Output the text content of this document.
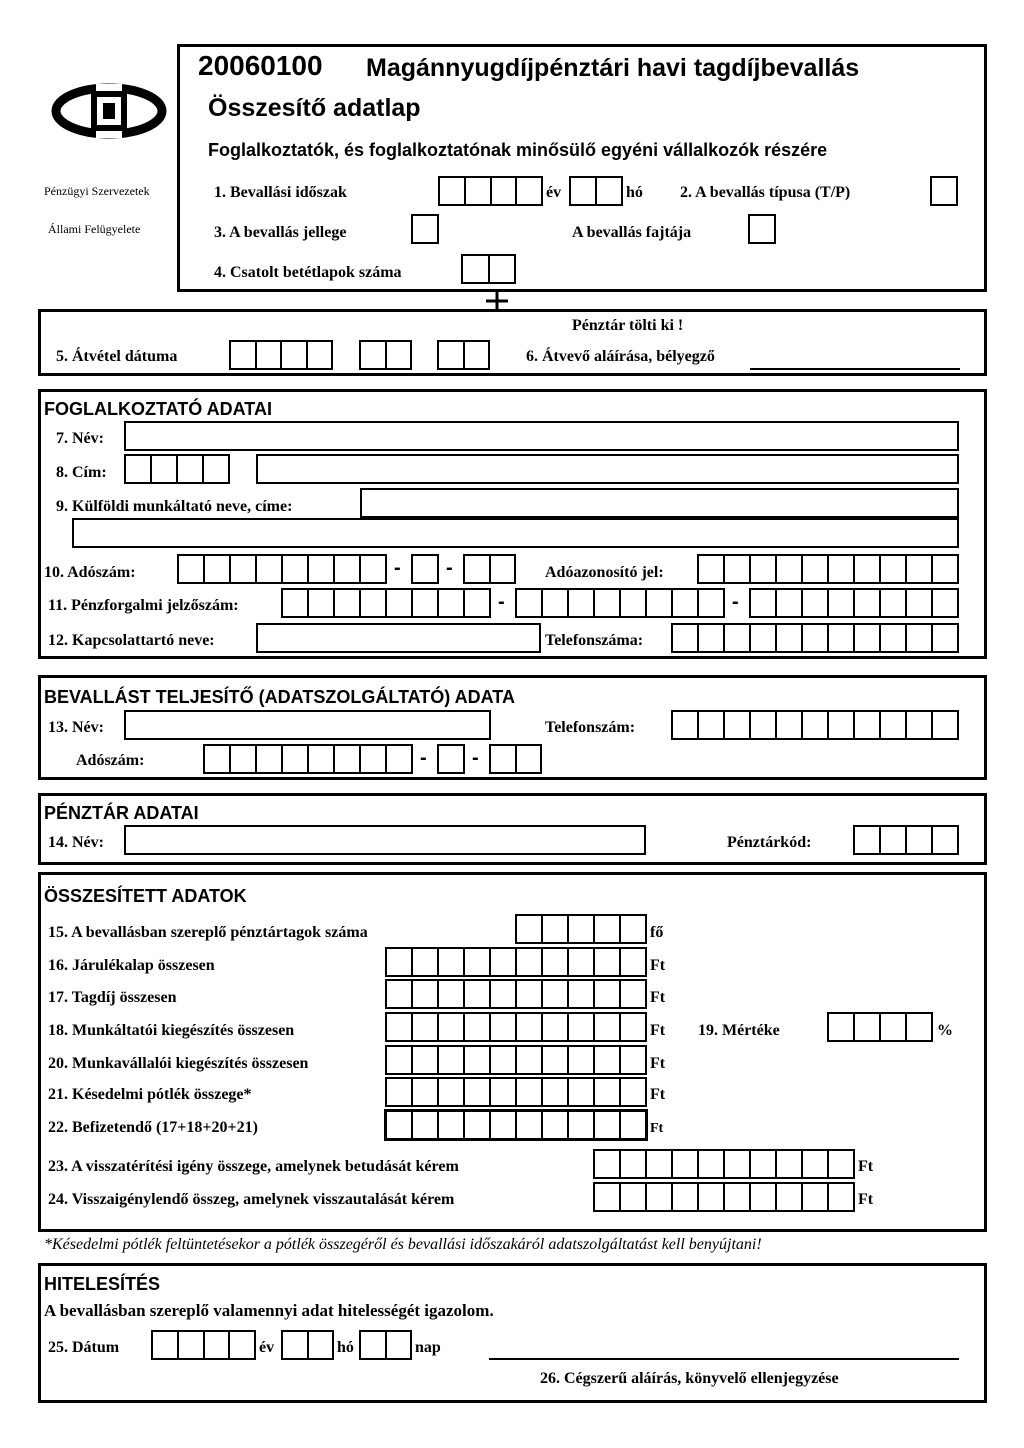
Pénzügyi Szervezetek
Állami Felügyelete
20060100 Magánnyugdíjpénztári havi tagdíjbevallás
Összesítő adatlap
Foglalkoztatók, és foglalkoztatónak minősülő egyéni vállalkozók részére
1. Bevallási időszak	év	hó 2. A bevallás típusa (T/P)
3. A bevallás jellege	A bevallás fajtája
4. Csatolt betétlapok száma
Pénztár tölti ki !
5. Átvétel dátuma	6. Átvevő aláírása, bélyegző
FOGLALKOZTATÓ ADATAI
7. Név:
8. Cím:
9. Külföldi munkáltató neve, címe:
10. Adószám:	- -	Adóazonosító jel:
11. Pénzforgalmi jelzőszám:	-	-
12. Kapcsolattartó neve:	Telefonszáma:
BEVALLÁST TELJESÍTŐ (ADATSZOLGÁLTATÓ) ADATA
13. Név:	Telefonszám:
Adószám:	- -
PÉNZTÁR ADATAI
14. Név:	Pénztárkód:
ÖSSZESÍTETT ADATOK
15. A bevallásban szereplő pénztártagok száma	fő
16. Járulékalap összesen	Ft
17. Tagdíj összesen	Ft
18. Munkáltatói kiegészítés összesen	Ft 19. Mértéke	%
20. Munkavállalói kiegészítés összesen	Ft
21. Késedelmi pótlék összege*	Ft
22. Befizetendő (17+18+20+21)	Ft
23. A visszatérítési igény összege, amelynek betudását kérem	Ft
24. Visszaigénylendő összeg, amelynek visszautalását kérem	Ft
*Késedelmi pótlék feltüntetésekor a pótlék összegéről és bevallási időszakáról adatszolgáltatást kell benyújtani!
HITELESÍTÉS
A bevallásban szereplő valamennyi adat hitelességét igazolom.
25. Dátum	év	hó	nap
26. Cégszerű aláírás, könyvelő ellenjegyzése
